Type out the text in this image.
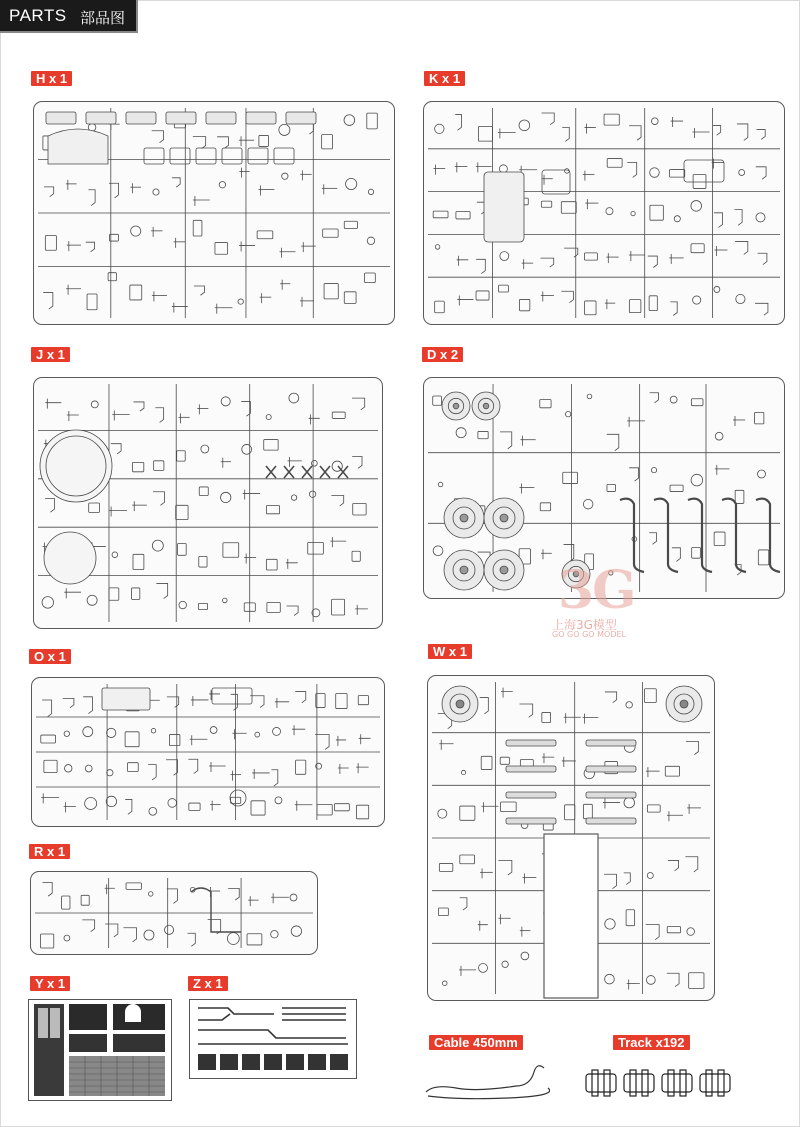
PARTS 部品图
H x 1	K x 1
J x 1	D x 2
O x 1	W x 1
R x 1
Y x 1	Z x 1
Cable 450mm	Track x192
3G
上海3G模型
GO GO GO MODEL
